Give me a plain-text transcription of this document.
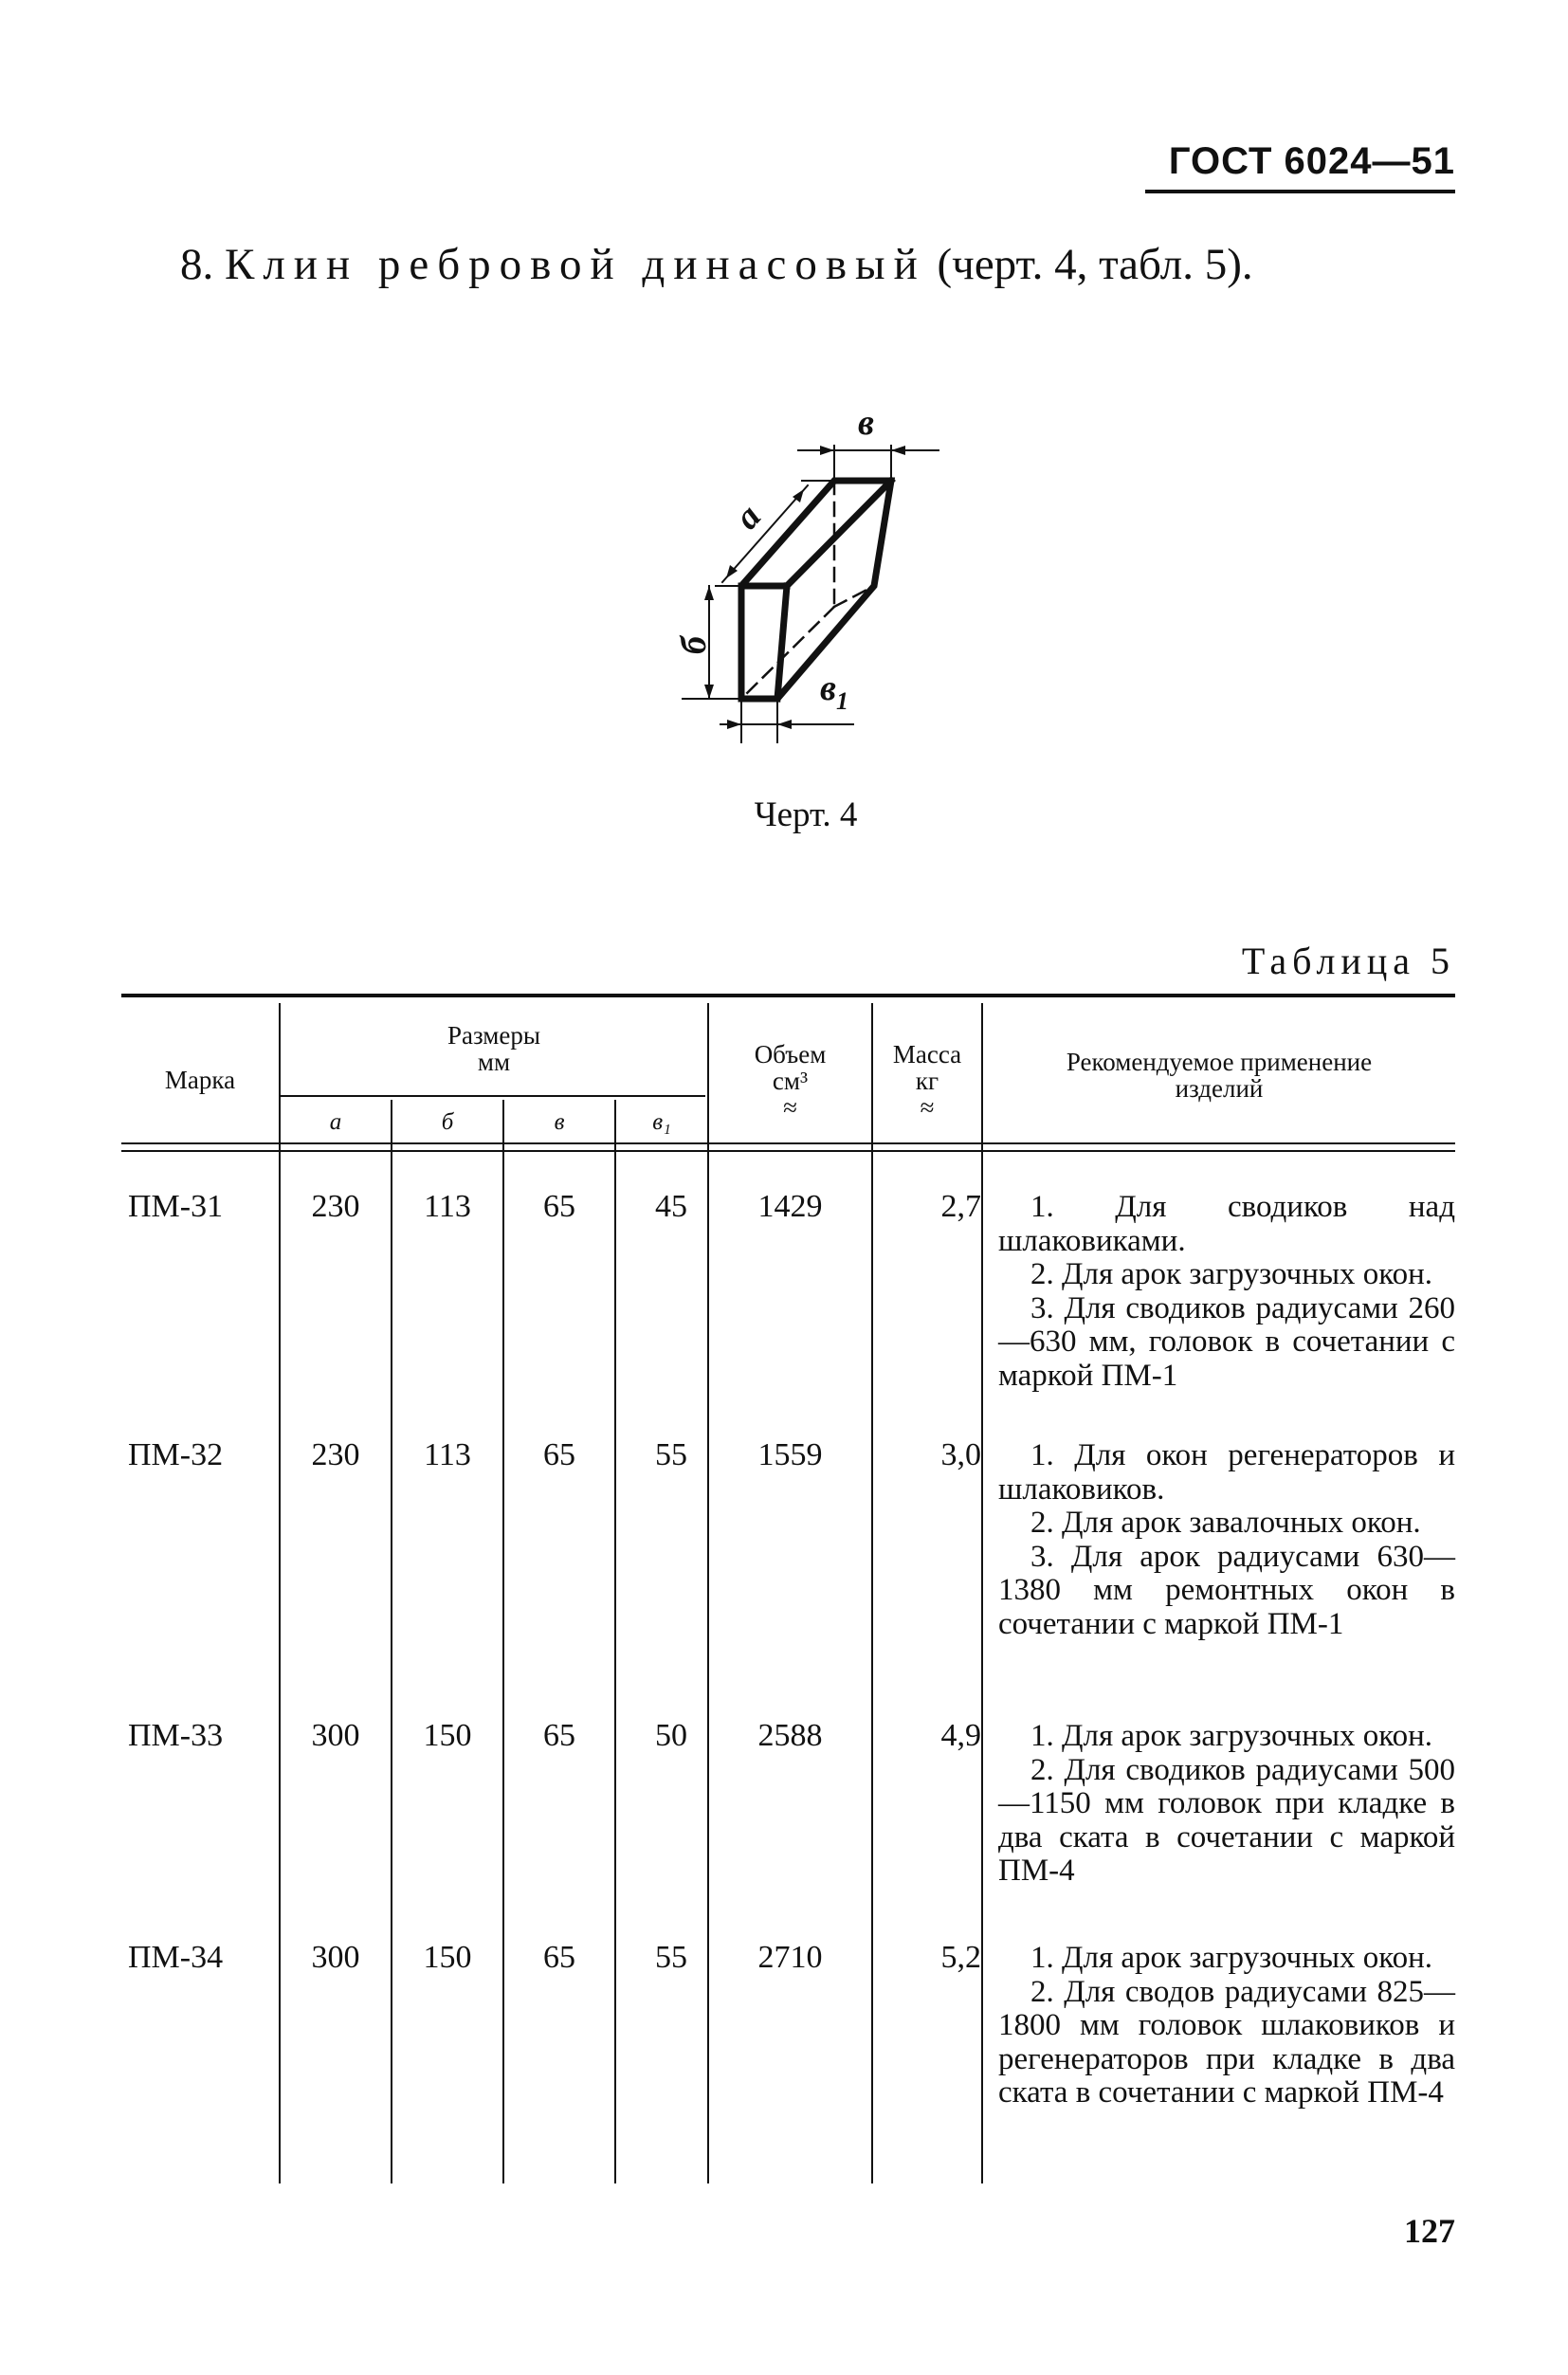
ГОСТ 6024—51
8. Клин ребровой динасовый (черт. 4, табл. 5).
в
а
б
$в_1$
Черт. 4
Таблица 5
Марка
Размеры
мм
а	б	в	в₁
Объем
см³
≈
Масса
кг
≈
Рекомендуемое применение
изделий
ПМ-31	230	113	65	45	1429	2,7	1. Для сводиков над шлаковиками.

2. Для арок загрузочных окон.

3. Для сводиков радиусами 260—630 мм, головок в сочетании с маркой ПМ-1

ПМ-32	230	113	65	55	1559	3,0	1. Для окон регенераторов и шлаковиков.

2. Для арок завалочных окон.

3. Для арок радиусами 630—1380 мм ремонтных окон в сочетании с маркой ПМ-1

ПМ-33	300	150	65	50	2588	4,9	1. Для арок загрузочных окон.

2. Для сводиков радиусами 500—1150 мм головок при кладке в два ската в сочетании с маркой ПМ-4

ПМ-34	300	150	65	55	2710	5,2	1. Для арок загрузочных окон.

2. Для сводов радиусами 825—1800 мм головок шлаковиков и регенераторов при кладке в два ската в сочетании с маркой ПМ-4

127
